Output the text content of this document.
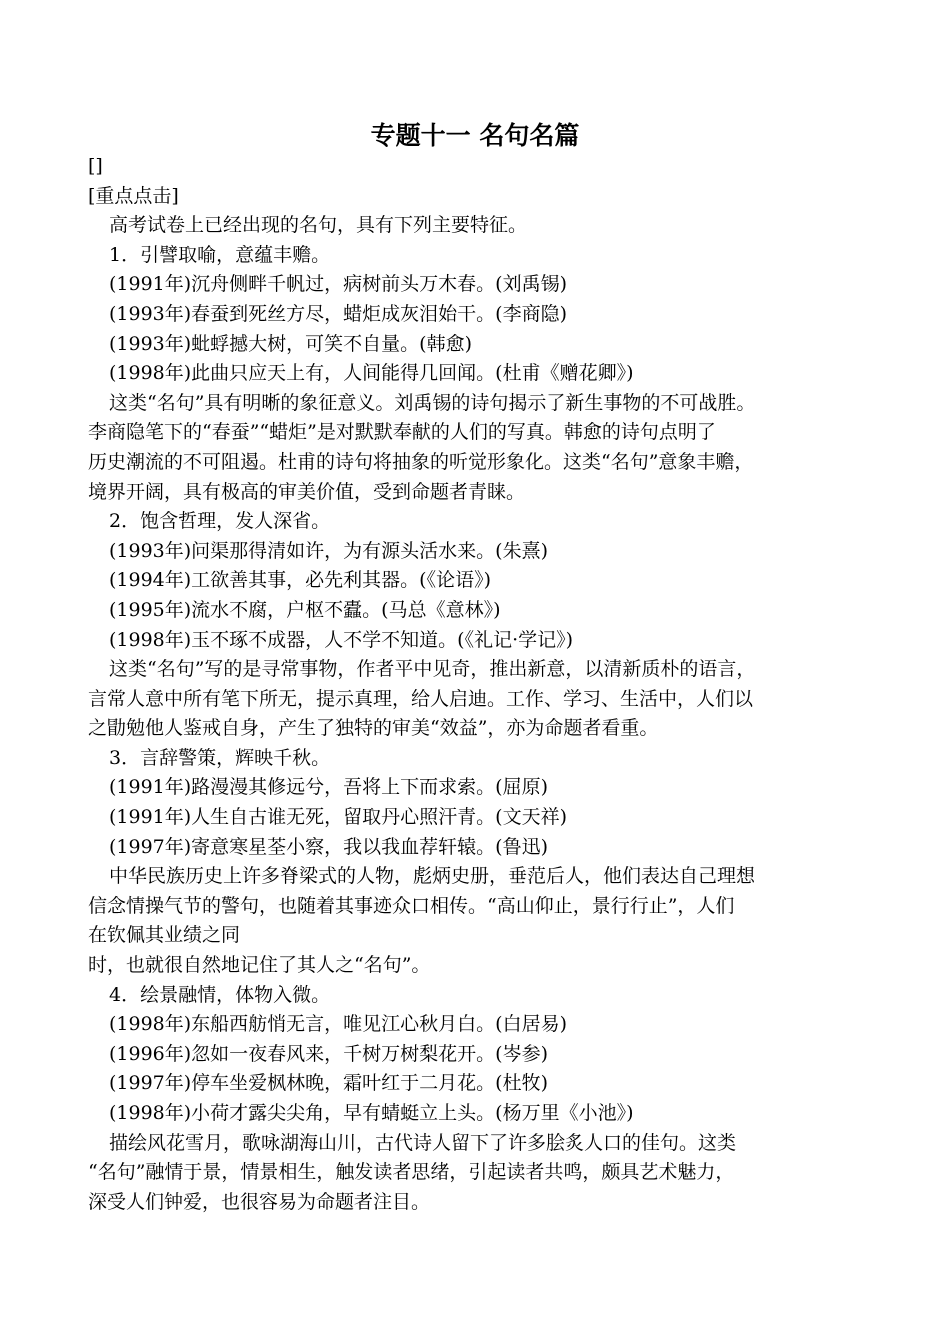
专题十一 名句名篇
[]
[重点点击]
高考试卷上已经出现的名句，具有下列主要特征。
1．引譬取喻，意蕴丰赡。
(1991年)沉舟侧畔千帆过，病树前头万木春。(刘禹锡)
(1993年)春蚕到死丝方尽，蜡炬成灰泪始干。(李商隐)
(1993年)蚍蜉撼大树，可笑不自量。(韩愈)
(1998年)此曲只应天上有，人间能得几回闻。(杜甫《赠花卿》)
这类“名句”具有明晰的象征意义。刘禹锡的诗句揭示了新生事物的不可战胜。
李商隐笔下的“春蚕”“蜡炬”是对默默奉献的人们的写真。韩愈的诗句点明了
历史潮流的不可阻遏。杜甫的诗句将抽象的听觉形象化。这类“名句”意象丰赡，
境界开阔，具有极高的审美价值，受到命题者青睐。
2．饱含哲理，发人深省。
(1993年)问渠那得清如许，为有源头活水来。(朱熹)
(1994年)工欲善其事，必先利其器。(《论语》)
(1995年)流水不腐，户枢不蠹。(马总《意林》)
(1998年)玉不琢不成器，人不学不知道。(《礼记·学记》)
这类“名句”写的是寻常事物，作者平中见奇，推出新意，以清新质朴的语言，
言常人意中所有笔下所无，提示真理，给人启迪。工作、学习、生活中，人们以
之勖勉他人鉴戒自身，产生了独特的审美“效益”，亦为命题者看重。
3．言辞警策，辉映千秋。
(1991年)路漫漫其修远兮，吾将上下而求索。(屈原)
(1991年)人生自古谁无死，留取丹心照汗青。(文天祥)
(1997年)寄意寒星荃小察，我以我血荐轩辕。(鲁迅)
中华民族历史上许多脊梁式的人物，彪炳史册，垂范后人，他们表达自己理想
信念情操气节的警句，也随着其事迹众口相传。“高山仰止，景行行止”，人们
在钦佩其业绩之同
时，也就很自然地记住了其人之“名句”。
4．绘景融情，体物入微。
(1998年)东船西舫悄无言，唯见江心秋月白。(白居易)
(1996年)忽如一夜春风来，千树万树梨花开。(岑参)
(1997年)停车坐爱枫林晚，霜叶红于二月花。(杜牧)
(1998年)小荷才露尖尖角，早有蜻蜓立上头。(杨万里《小池》)
描绘风花雪月，歌咏湖海山川，古代诗人留下了许多脍炙人口的佳句。这类
“名句”融情于景，情景相生，触发读者思绪，引起读者共鸣，颇具艺术魅力，
深受人们钟爱，也很容易为命题者注目。
